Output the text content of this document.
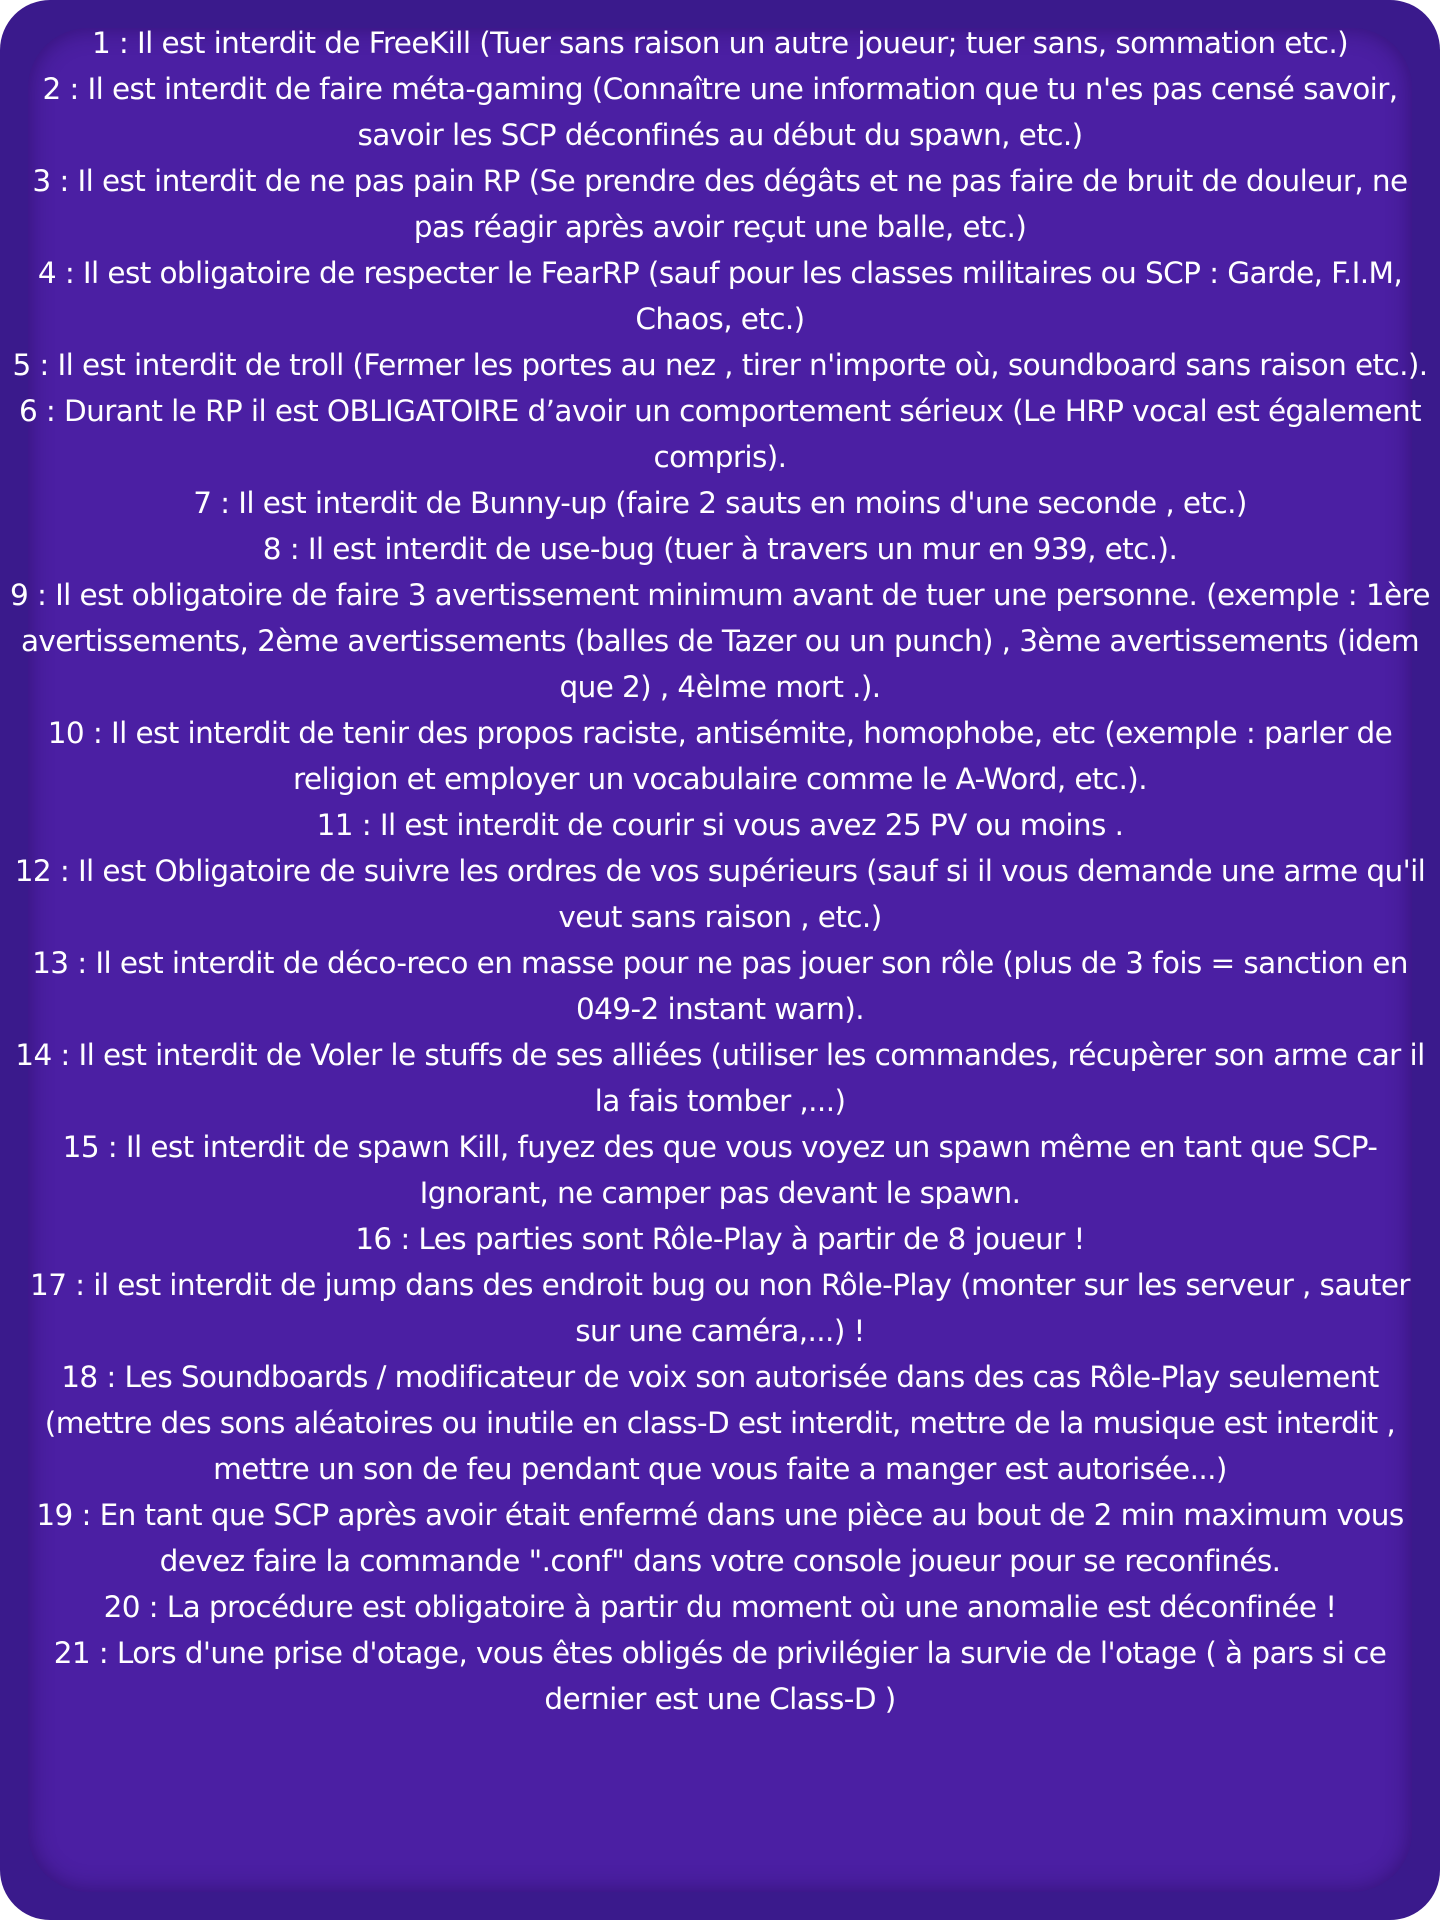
1 : Il est interdit de FreeKill (Tuer sans raison un autre joueur; tuer sans, sommation etc.)
2 : Il est interdit de faire méta-gaming (Connaître une information que tu n'es pas censé savoir, savoir les SCP déconfinés au début du spawn, etc.)
3 : Il est interdit de ne pas pain RP (Se prendre des dégâts et ne pas faire de bruit de douleur, ne pas réagir après avoir reçut une balle, etc.)
4 : Il est obligatoire de respecter le FearRP (sauf pour les classes militaires ou SCP : Garde, F.I.M, Chaos, etc.)
5 : Il est interdit de troll (Fermer les portes au nez , tirer n'importe où, soundboard sans raison etc.).
6 : Durant le RP il est OBLIGATOIRE d’avoir un comportement sérieux (Le HRP vocal est également compris).
7 : Il est interdit de Bunny-up (faire 2 sauts en moins d'une seconde , etc.)
8 : Il est interdit de use-bug (tuer à travers un mur en 939, etc.).
9 : Il est obligatoire de faire 3 avertissement minimum avant de tuer une personne. (exemple : 1ère avertissements, 2ème avertissements (balles de Tazer ou un punch) , 3ème avertissements (idem que 2) , 4èlme mort .).
10 : Il est interdit de tenir des propos raciste, antisémite, homophobe, etc (exemple : parler de religion et employer un vocabulaire comme le A-Word, etc.).
11 : Il est interdit de courir si vous avez 25 PV ou moins .
12 : Il est Obligatoire de suivre les ordres de vos supérieurs (sauf si il vous demande une arme qu'il veut sans raison , etc.)
13 : Il est interdit de déco-reco en masse pour ne pas jouer son rôle (plus de 3 fois = sanction en 049-2 instant warn).
14 : Il est interdit de Voler le stuffs de ses alliées (utiliser les commandes, récupèrer son arme car il la fais tomber ,...)
15 : Il est interdit de spawn Kill, fuyez des que vous voyez un spawn même en tant que SCP-Ignorant, ne camper pas devant le spawn.
16 : Les parties sont Rôle-Play à partir de 8 joueur !
17 : il est interdit de jump dans des endroit bug ou non Rôle-Play (monter sur les serveur , sauter sur une caméra,...) !
18 : Les Soundboards / modificateur de voix son autorisée dans des cas Rôle-Play seulement (mettre des sons aléatoires ou inutile en class-D est interdit, mettre de la musique est interdit , mettre un son de feu pendant que vous faite a manger est autorisée...)
19 : En tant que SCP après avoir était enfermé dans une pièce au bout de 2 min maximum vous devez faire la commande ".conf" dans votre console joueur pour se reconfinés.
20 : La procédure est obligatoire à partir du moment où une anomalie est déconfinée !
21 : Lors d'une prise d'otage, vous êtes obligés de privilégier la survie de l'otage ( à pars si ce dernier est une Class-D )
